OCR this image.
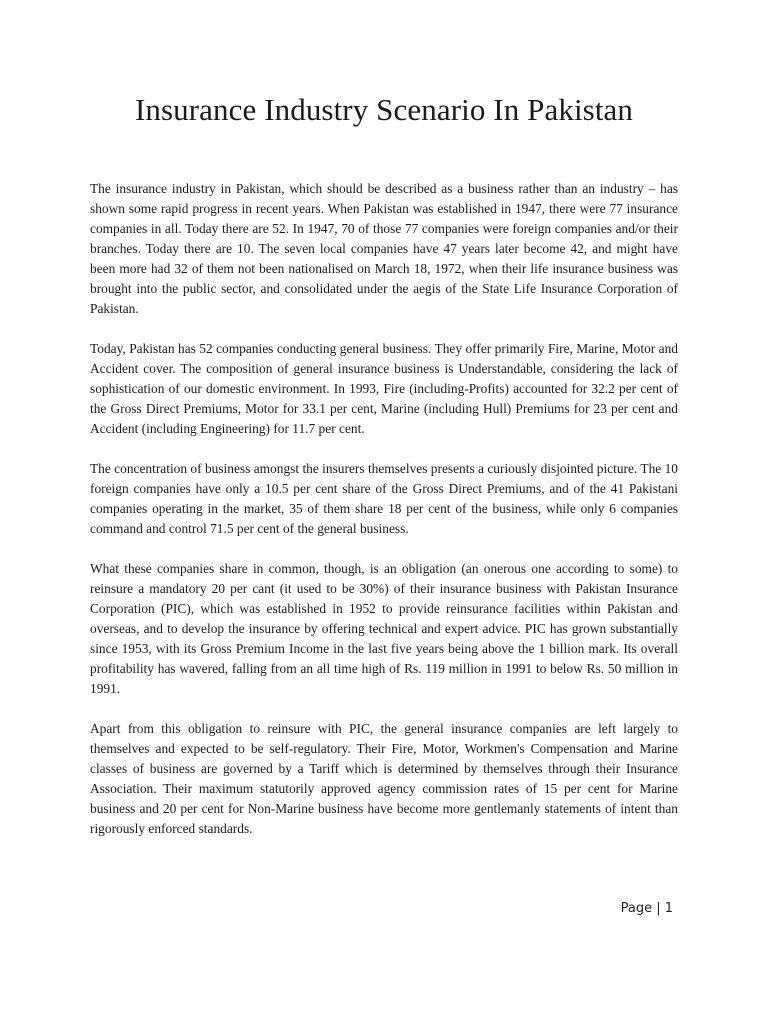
Insurance Industry Scenario In Pakistan

The insurance industry in Pakistan, which should be described as a business rather than an industry – has shown some rapid progress in recent years. When Pakistan was established in 1947, there were 77 insurance companies in all. Today there are 52. In 1947, 70 of those 77 companies were foreign companies and/or their branches. Today there are 10. The seven local companies have 47 years later become 42, and might have been more had 32 of them not been nationalised on March 18, 1972, when their life insurance business was brought into the public sector, and consolidated under the aegis of the State Life Insurance Corporation of Pakistan.

Today, Pakistan has 52 companies conducting general business. They offer primarily Fire, Marine, Motor and Accident cover. The composition of general insurance business is Understandable, considering the lack of sophistication of our domestic environment. In 1993, Fire (including-Profits) accounted for 32.2 per cent of the Gross Direct Premiums, Motor for 33.1 per cent, Marine (including Hull) Premiums for 23 per cent and Accident (including Engineering) for 11.7 per cent.

The concentration of business amongst the insurers themselves presents a curiously disjointed picture. The 10 foreign companies have only a 10.5 per cent share of the Gross Direct Premiums, and of the 41 Pakistani companies operating in the market, 35 of them share 18 per cent of the business, while only 6 companies command and control 71.5 per cent of the general business.

What these companies share in common, though, is an obligation (an onerous one according to some) to reinsure a mandatory 20 per cant (it used to be 30%) of their insurance business with Pakistan Insurance Corporation (PIC), which was established in 1952 to provide reinsurance facilities within Pakistan and overseas, and to develop the insurance by offering technical and expert advice. PIC has grown substantially since 1953, with its Gross Premium Income in the last five years being above the 1 billion mark. Its overall profitability has wavered, falling from an all time high of Rs. 119 million in 1991 to below Rs. 50 million in 1991.

Apart from this obligation to reinsure with PIC, the general insurance companies are left largely to themselves and expected to be self-regulatory. Their Fire, Motor, Workmen's Compensation and Marine classes of business are governed by a Tariff which is determined by themselves through their Insurance Association. Their maximum statutorily approved agency commission rates of 15 per cent for Marine business and 20 per cent for Non-Marine business have become more gentlemanly statements of intent than rigorously enforced standards.

Page | 1
